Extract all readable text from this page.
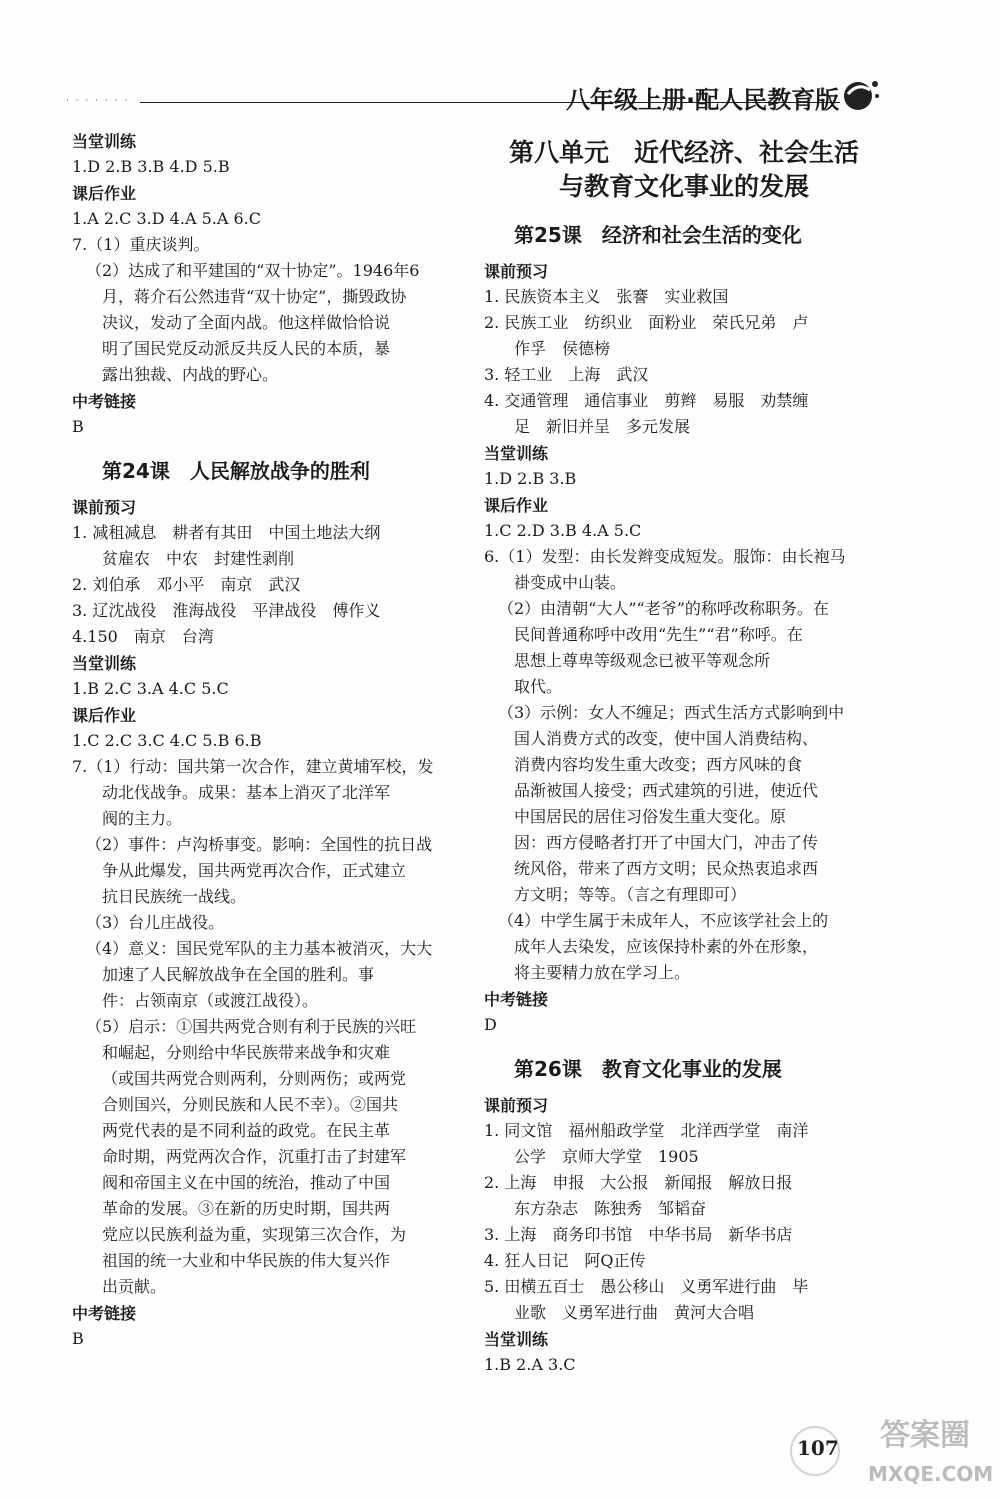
· · · · · · ·	八年级上册·配人民教育版
当堂训练
1.D 2.B 3.B 4.D 5.B
课后作业
1.A 2.C 3.D 4.A 5.A 6.C
7.（1）重庆谈判。
（2）达成了和平建国的“双十协定”。1946年6
月，蒋介石公然违背“双十协定”，撕毁政协
决议，发动了全面内战。他这样做恰恰说
明了国民党反动派反共反人民的本质，暴
露出独裁、内战的野心。
中考链接
B
第24课　人民解放战争的胜利
课前预习
1. 减租减息　耕者有其田　中国土地法大纲
贫雇农　中农　封建性剥削
2. 刘伯承　邓小平　南京　武汉
3. 辽沈战役　淮海战役　平津战役　傅作义
4.150　南京　台湾
当堂训练
1.B 2.C 3.A 4.C 5.C
课后作业
1.C 2.C 3.C 4.C 5.B 6.B
7.（1）行动：国共第一次合作，建立黄埔军校，发
动北伐战争。成果：基本上消灭了北洋军
阀的主力。
（2）事件：卢沟桥事变。影响：全国性的抗日战
争从此爆发，国共两党再次合作，正式建立
抗日民族统一战线。
（3）台儿庄战役。
（4）意义：国民党军队的主力基本被消灭，大大
加速了人民解放战争在全国的胜利。事
件：占领南京（或渡江战役）。
（5）启示：①国共两党合则有利于民族的兴旺
和崛起，分则给中华民族带来战争和灾难
（或国共两党合则两利，分则两伤；或两党
合则国兴，分则民族和人民不幸）。②国共
两党代表的是不同利益的政党。在民主革
命时期，两党两次合作，沉重打击了封建军
阀和帝国主义在中国的统治，推动了中国
革命的发展。③在新的历史时期，国共两
党应以民族利益为重，实现第三次合作，为
祖国的统一大业和中华民族的伟大复兴作
出贡献。
中考链接
B
第八单元　近代经济、社会生活
与教育文化事业的发展
第25课　经济和社会生活的变化
课前预习
1. 民族资本主义　张謇　实业救国
2. 民族工业　纺织业　面粉业　荣氏兄弟　卢
作孚　侯德榜
3. 轻工业　上海　武汉
4. 交通管理　通信事业　剪辫　易服　劝禁缠
足　新旧并呈　多元发展
当堂训练
1.D 2.B 3.B
课后作业
1.C 2.D 3.B 4.A 5.C
6.（1）发型：由长发辫变成短发。服饰：由长袍马
褂变成中山装。
（2）由清朝“大人”“老爷”的称呼改称职务。在
民间普通称呼中改用“先生”“君”称呼。在
思想上尊卑等级观念已被平等观念所
取代。
（3）示例：女人不缠足；西式生活方式影响到中
国人消费方式的改变，使中国人消费结构、
消费内容均发生重大改变；西方风味的食
品渐被国人接受；西式建筑的引进，使近代
中国居民的居住习俗发生重大变化。原
因：西方侵略者打开了中国大门，冲击了传
统风俗，带来了西方文明；民众热衷追求西
方文明；等等。（言之有理即可）
（4）中学生属于未成年人，不应该学社会上的
成年人去染发，应该保持朴素的外在形象，
将主要精力放在学习上。
中考链接
D
第26课　教育文化事业的发展
课前预习
1. 同文馆　福州船政学堂　北洋西学堂　南洋
公学　京师大学堂　1905
2. 上海　申报　大公报　新闻报　解放日报
东方杂志　陈独秀　邹韬奋
3. 上海　商务印书馆　中华书局　新华书店
4. 狂人日记　阿Q正传
5. 田横五百士　愚公移山　义勇军进行曲　毕
业歌　义勇军进行曲　黄河大合唱
当堂训练
1.B 2.A 3.C
107 答案圈
MXQE.COM
